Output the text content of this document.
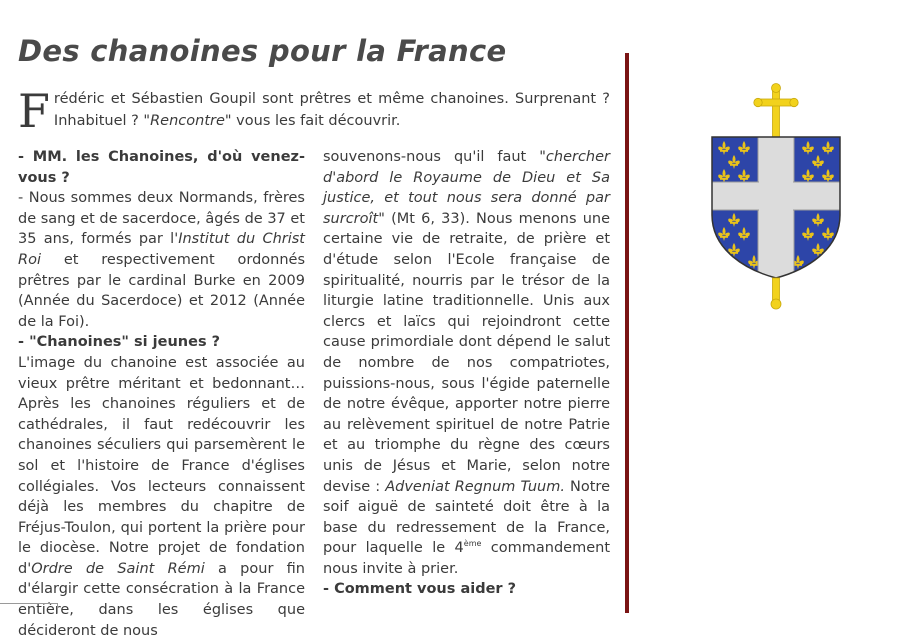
Des chanoines pour la France
Frédéric et Sébastien Goupil sont prêtres et même chanoines. Surprenant ? Inhabituel ? "Rencontre" vous les fait découvrir.

- MM. les Chanoines, d'où venez-vous ?

- Nous sommes deux Normands, frères de sang et de sacerdoce, âgés de 37 et 35 ans, formés par l'Institut du Christ Roi et respectivement ordonnés prêtres par le cardinal Burke en 2009 (Année du Sacerdoce) et 2012 (Année de la Foi).

- "Chanoines" si jeunes ?

L'image du chanoine est associée au vieux prêtre méritant et bedonnant… Après les chanoines réguliers et de cathédrales, il faut redécouvrir les chanoines séculiers qui parsemèrent le sol et l'histoire de France d'églises collégiales. Vos lecteurs connaissent déjà les membres du chapitre de Fréjus-Toulon, qui portent la prière pour le diocèse. Notre projet de fondation d'Ordre de Saint Rémi a pour fin d'élargir cette consécration à la France entière, dans les églises que décideront de nous

souvenons-nous qu'il faut "chercher d'abord le Royaume de Dieu et Sa justice, et tout nous sera donné par surcroît" (Mt 6, 33). Nous menons une certaine vie de retraite, de prière et d'étude selon l'Ecole française de spiritualité, nourris par le trésor de la liturgie latine traditionnelle. Unis aux clercs et laïcs qui rejoindront cette cause primordiale dont dépend le salut de nombre de nos compatriotes, puissions-nous, sous l'égide paternelle de notre évêque, apporter notre pierre au relèvement spirituel de notre Patrie et au triomphe du règne des cœurs unis de Jésus et Marie, selon notre devise : Adveniat Regnum Tuum. Notre soif aiguë de sainteté doit être à la base du redressement de la France, pour laquelle le 4ème commandement nous invite à prier.

- Comment vous aider ?
